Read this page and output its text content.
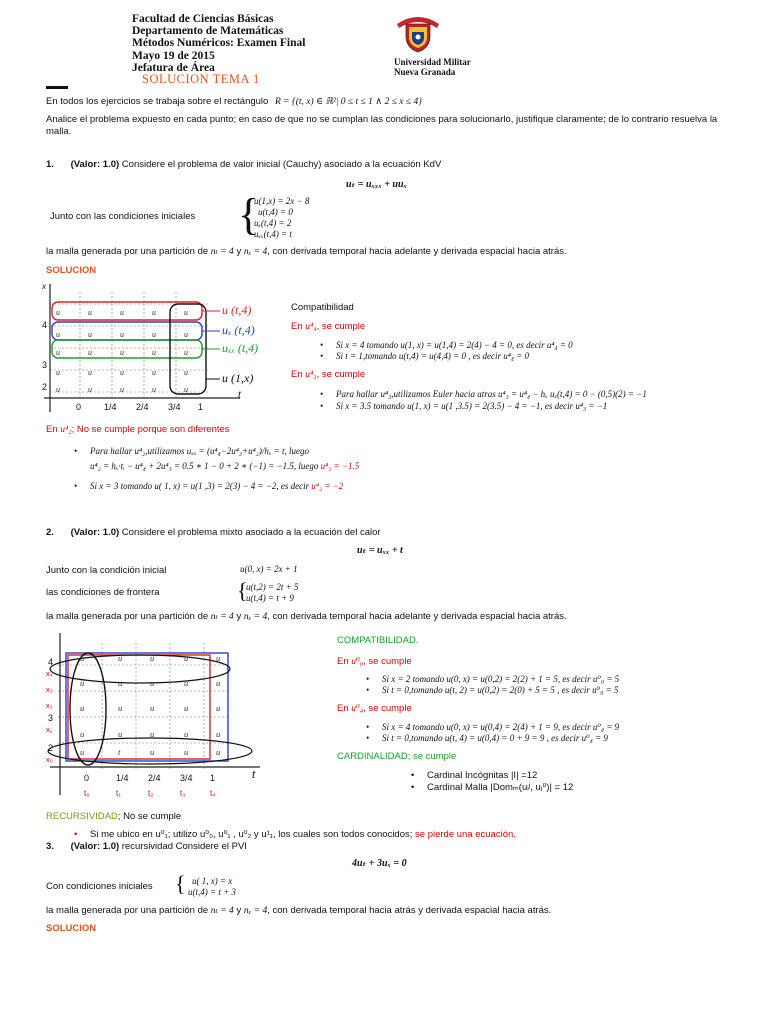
Facultad de Ciencias Básicas
Departamento de Matemáticas
Métodos Numéricos: Examen Final
Mayo 19 de 2015
Jefatura de Área
SOLUCION TEMA 1
Universidad Militar
Nueva Granada
En todos los ejercicios se trabaja sobre el rectángulo R = {(t, x) ∈ ℝ²| 0 ≤ t ≤ 1 ∧ 2 ≤ x ≤ 4}
Analice el problema expuesto en cada punto; en caso de que no se cumplan las condiciones para solucionarlo, justifique claramente; de lo contrario resuelva la malla.
1. (Valor: 1.0) Considere el problema de valor inicial (Cauchy) asociado a la ecuación KdV
uₜ = uₓₓₓ + uuₓ
Junto con las condiciones iniciales {
u(1,x) = 2x − 8
u(t,4) = 0
uₓ(t,4) = 2
uₓₓ(t,4) = t
la malla generada por una partición de nₜ = 4 y nₓ = 4, con derivada temporal hacia adelante y derivada espacial hacia atrás.
SOLUCION
u	u	u	u	u
u	u	u	u	u
u	u	u	u	u
u	u	u	u	u
u	u	u	u	u
x
4
3
2
0	1/4 2/4 3/4 1
t
u (t,4)
uₓ (t,4)
uₓₓ (t,4)
u (1,x)
Compatibilidad
En u⁴₄, se cumple
• Si x = 4 tomando u(1, x) = u(1,4) = 2(4) − 4 = 0, es decir u⁴₄ = 0
• Si t = 1,tomando u(t,4) = u(4,4) = 0 , es decir u⁴₄ = 0
En u⁴₃, se cumple
• Para hallar u⁴₃,utilizamos Euler hacia atras u⁴₃ = u⁴₄ − hₓ uₓ(t,4) = 0 − (0,5)(2) = −1
• Si x = 3.5 tomando u(1, x) = u(1 ,3.5) = 2(3.5) − 4 = −1, es decir u⁴₃ = −1
En u⁴₂; No se cumple porque son diferentes
• Para hallar u⁴₂,utilizamos uₓₓ = (u⁴₄−2u⁴₃+u⁴₂)/hₓ = t, luego
u⁴₂ = hₓ·tᵢ − u⁴₄ + 2u⁴₃ = 0.5 ∗ 1 − 0 + 2 ∗ (−1) = −1.5, luego u⁴₂ = −1.5
• Si x = 3 tomando u( 1, x) = u(1 ,3) = 2(3) − 4 = −2, es decir u⁴₂ = −2
2. (Valor: 1.0) Considere el problema mixto asociado a la ecuación del calor
uₜ = uₓₓ + t
Junto con la condición inicial	u(0, x) = 2x + 1
las condiciones de frontera	{
u(t,2) = 2t + 5
u(t,4) = t + 9
la malla generada por una partición de nₜ = 4 y nₓ = 4, con derivada temporal hacia adelante y derivada espacial hacia atrás.
u	u	u	u	u
u	u	u	u	u
u	u	u	u	u
u	u	u	u	u
u	t	u	u	u
4
3
2
x₄
x₃
x₂
x₁
x₀
0	1/4 2/4 3/4 1
t₀	t₁	t₂	t₃	t₄
t
COMPATIBILIDAD.
En u⁰₀, se cumple
• Si x = 2 tomando u(0, x) = u(0,2) = 2(2) + 1 = 5, es decir u⁰₀ = 5
• Si t = 0,tomando u(t, 2) = u(0,2) = 2(0) + 5 = 5 , es decir u⁰₀ = 5
En u⁰₄, se cumple
• Si x = 4 tomando u(0, x) = u(0,4) = 2(4) + 1 = 9, es decir u⁰₄ = 9
• Si t = 0,tomando u(t, 4) = u(0,4) = 0 + 9 = 9 , es decir u⁰₄ = 9
CARDINALIDAD; se cumple
• Cardinal Incógnitas |I| =12
• Cardinal Malla |Domₘ(uᵢʲ, uⱼ⁰)| = 12
RECURSIVIDAD; No se cumple
• Si me ubico en u⁰₁; utilizo u⁰₀, u⁰₁ , u⁰₂ y u¹₁, los cuales son todos conocidos; se pierde una ecuación.
3. (Valor: 1.0) recursividad Considere el PVI
4uₜ + 3uₓ = 0
Con condiciones iniciales { u( 1, x) = x
u(t,4) = t + 3
la malla generada por una partición de nₜ = 4 y nₓ = 4, con derivada temporal hacia atrás y derivada espacial hacia atrás.
SOLUCION
